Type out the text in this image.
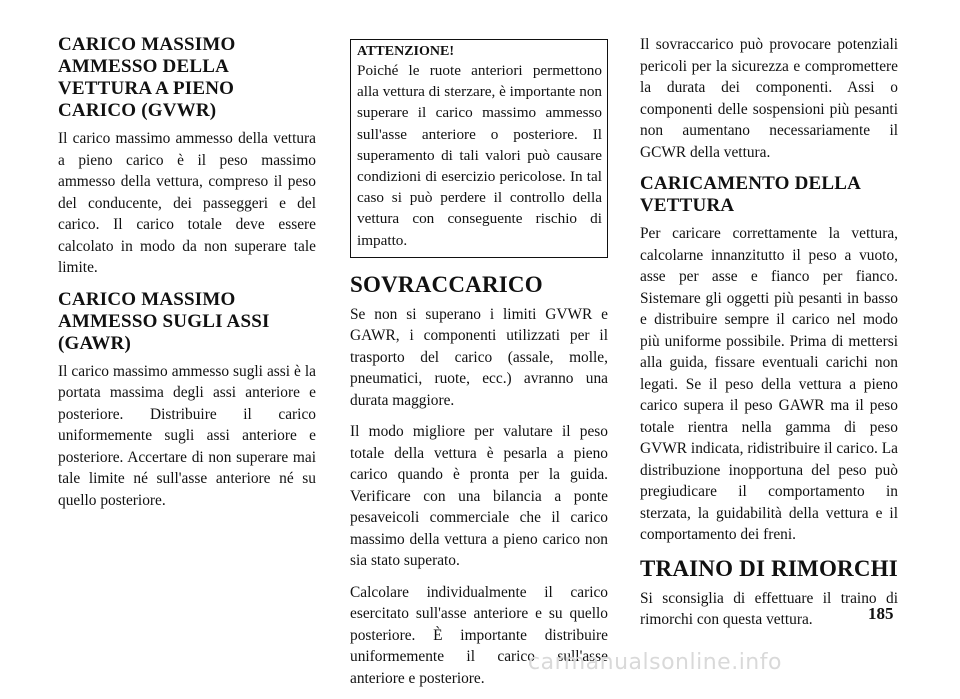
CARICO MASSIMO AMMESSO DELLA VETTURA A PIENO CARICO (GVWR)

Il carico massimo ammesso della vettura a pieno carico è il peso massimo ammesso della vettura, compreso il peso del conducente, dei passeggeri e del carico. Il carico totale deve essere calcolato in modo da non superare tale limite.

CARICO MASSIMO AMMESSO SUGLI ASSI (GAWR)

Il carico massimo ammesso sugli assi è la portata massima degli assi anteriore e posteriore. Distribuire il carico uniformemente sugli assi anteriore e posteriore. Accertare di non superare mai tale limite né sull'asse anteriore né su quello posteriore.

ATTENZIONE!

Poiché le ruote anteriori permettono alla vettura di sterzare, è importante non superare il carico massimo ammesso sull'asse anteriore o posteriore. Il superamento di tali valori può causare condizioni di esercizio pericolose. In tal caso si può perdere il controllo della vettura con conseguente rischio di impatto.

SOVRACCARICO

Se non si superano i limiti GVWR e GAWR, i componenti utilizzati per il trasporto del carico (assale, molle, pneumatici, ruote, ecc.) avranno una durata maggiore.

Il modo migliore per valutare il peso totale della vettura è pesarla a pieno carico quando è pronta per la guida. Verificare con una bilancia a ponte pesaveicoli commerciale che il carico massimo della vettura a pieno carico non sia stato superato.

Calcolare individualmente il carico esercitato sull'asse anteriore e su quello posteriore. È importante distribuire uniformemente il carico sull'asse anteriore e posteriore.

Il sovraccarico può provocare potenziali pericoli per la sicurezza e compromettere la durata dei componenti. Assi o componenti delle sospensioni più pesanti non aumentano necessariamente il GCWR della vettura.

CARICAMENTO DELLA VETTURA

Per caricare correttamente la vettura, calcolarne innanzitutto il peso a vuoto, asse per asse e fianco per fianco. Sistemare gli oggetti più pesanti in basso e distribuire sempre il carico nel modo più uniforme possibile. Prima di mettersi alla guida, fissare eventuali carichi non legati. Se il peso della vettura a pieno carico supera il peso GAWR ma il peso totale rientra nella gamma di peso GVWR indicata, ridistribuire il carico. La distribuzione inopportuna del peso può pregiudicare il comportamento in sterzata, la guidabilità della vettura e il comportamento dei freni.

TRAINO DI RIMORCHI

Si sconsiglia di effettuare il traino di rimorchi con questa vettura.	185
carmanualsonline.info
